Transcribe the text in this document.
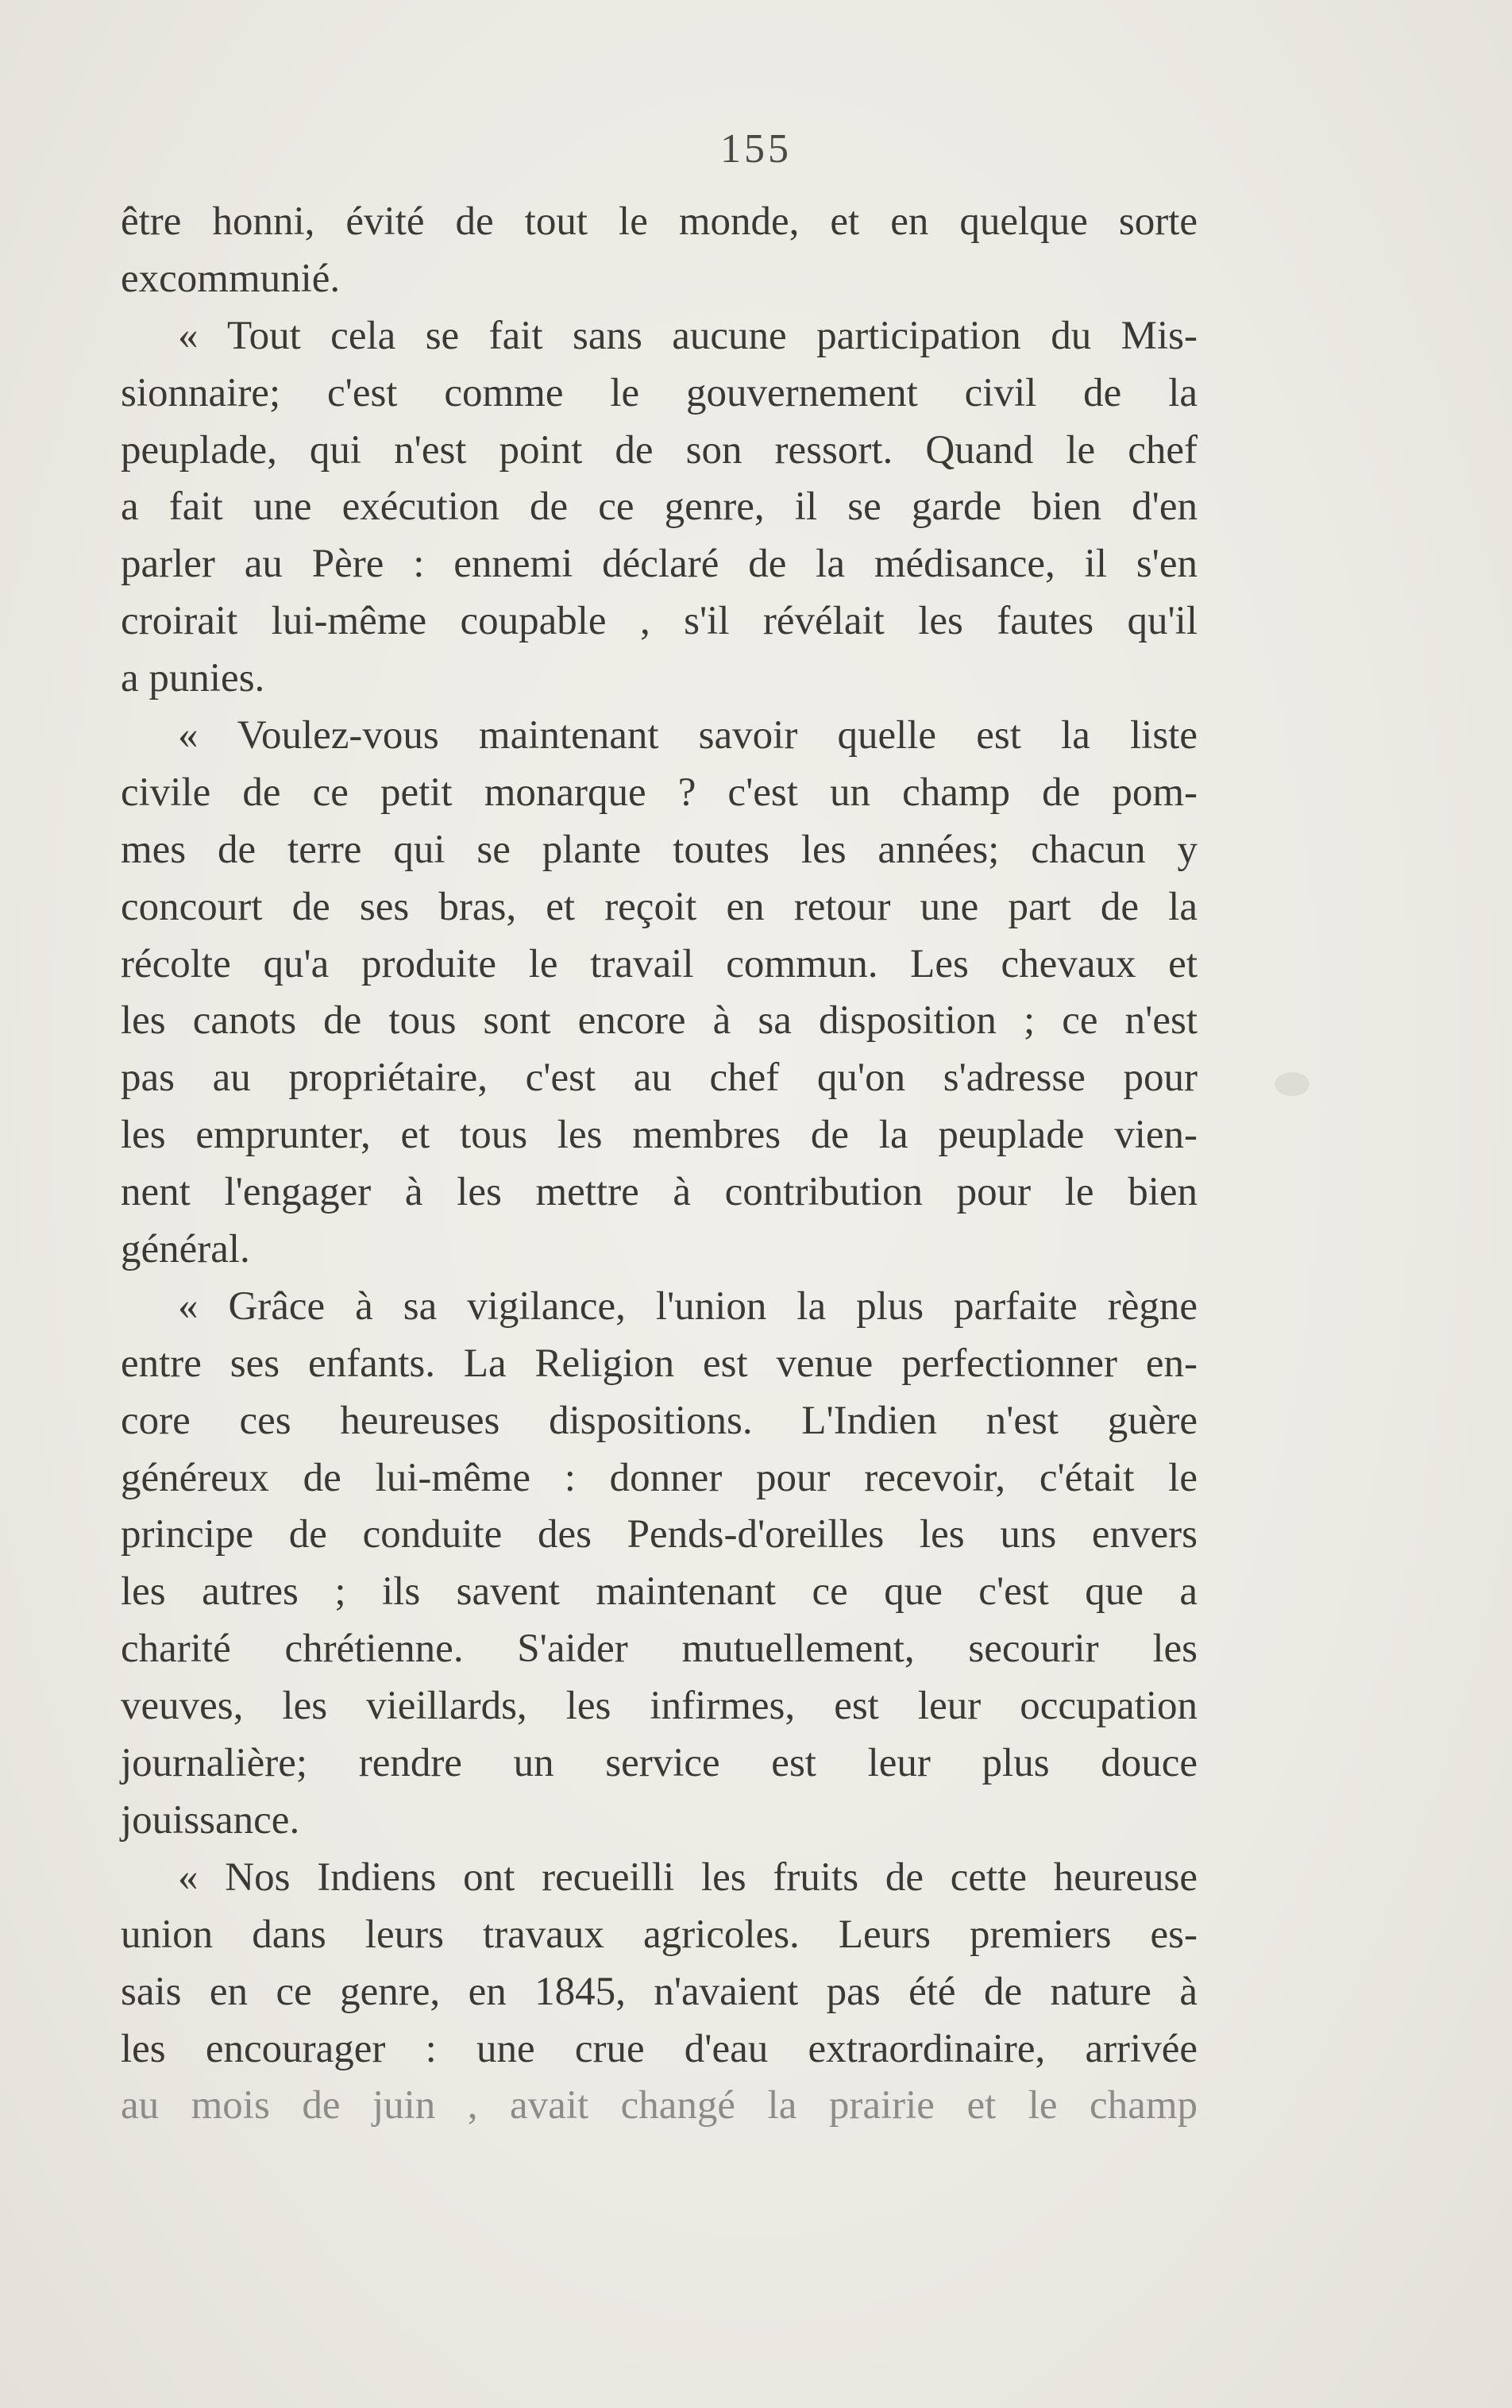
155
être honni, évité de tout le monde, et en quelque sorte
excommunié.
« Tout cela se fait sans aucune participation du Mis-
sionnaire; c'est comme le gouvernement civil de la
peuplade, qui n'est point de son ressort. Quand le chef
a fait une exécution de ce genre, il se garde bien d'en
parler au Père : ennemi déclaré de la médisance, il s'en
croirait lui-même coupable , s'il révélait les fautes qu'il
a punies.
« Voulez-vous maintenant savoir quelle est la liste
civile de ce petit monarque ? c'est un champ de pom-
mes de terre qui se plante toutes les années; chacun y
concourt de ses bras, et reçoit en retour une part de la
récolte qu'a produite le travail commun. Les chevaux et
les canots de tous sont encore à sa disposition ; ce n'est
pas au propriétaire, c'est au chef qu'on s'adresse pour
les emprunter, et tous les membres de la peuplade vien-
nent l'engager à les mettre à contribution pour le bien
général.
« Grâce à sa vigilance, l'union la plus parfaite règne
entre ses enfants. La Religion est venue perfectionner en-
core ces heureuses dispositions. L'Indien n'est guère
généreux de lui-même : donner pour recevoir, c'était le
principe de conduite des Pends-d'oreilles les uns envers
les autres ; ils savent maintenant ce que c'est que a
charité chrétienne. S'aider mutuellement, secourir les
veuves, les vieillards, les infirmes, est leur occupation
journalière; rendre un service est leur plus douce
jouissance.
« Nos Indiens ont recueilli les fruits de cette heureuse
union dans leurs travaux agricoles. Leurs premiers es-
sais en ce genre, en 1845, n'avaient pas été de nature à
les encourager : une crue d'eau extraordinaire, arrivée
au mois de juin , avait changé la prairie et le champ
